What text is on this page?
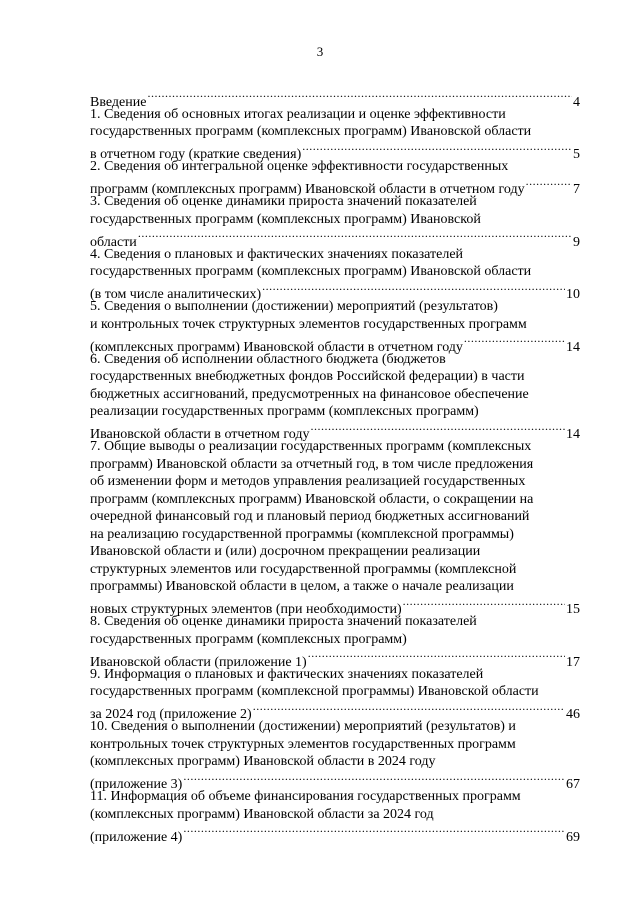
3
Введение .....	4
1. Сведения об основных итогах реализации и оценке эффективности
государственных программ (комплексных программ) Ивановской области
в отчетном году (краткие сведения) .....	5
2. Сведения об интегральной оценке эффективности государственных
программ (комплексных программ) Ивановской области в отчетном году .....	7
3. Сведения об оценке динамики прироста значений показателей
государственных программ (комплексных программ) Ивановской
области .....	9
4. Сведения о плановых и фактических значениях показателей
государственных программ (комплексных программ) Ивановской области
(в том числе аналитических) .....	10
5. Сведения о выполнении (достижении) мероприятий (результатов)
и контрольных точек структурных элементов государственных программ
(комплексных программ) Ивановской области в отчетном году .....	14
6. Сведения об исполнении областного бюджета (бюджетов
государственных внебюджетных фондов Российской федерации) в части
бюджетных ассигнований, предусмотренных на финансовое обеспечение
реализации государственных программ (комплексных программ)
Ивановской области в отчетном году .....	14
7. Общие выводы о реализации государственных программ (комплексных
программ) Ивановской области за отчетный год, в том числе предложения
об изменении форм и методов управления реализацией государственных
программ (комплексных программ) Ивановской области, о сокращении на
очередной финансовый год и плановый период бюджетных ассигнований
на реализацию государственной программы (комплексной программы)
Ивановской области и (или) досрочном прекращении реализации
структурных элементов или государственной программы (комплексной
программы) Ивановской области в целом, а также о начале реализации
новых структурных элементов (при необходимости) .....	15
8. Сведения об оценке динамики прироста значений показателей
государственных программ (комплексных программ)
Ивановской области (приложение 1) .....	17
9. Информация о плановых и фактических значениях показателей
государственных программ (комплексной программы) Ивановской области
за 2024 год (приложение 2) .....	46
10. Сведения о выполнении (достижении) мероприятий (результатов) и
контрольных точек структурных элементов государственных программ
(комплексных программ) Ивановской области в 2024 году
(приложение 3) .....	67
11. Информация об объеме финансирования государственных программ
(комплексных программ) Ивановской области за 2024 год
(приложение 4) .....	69
